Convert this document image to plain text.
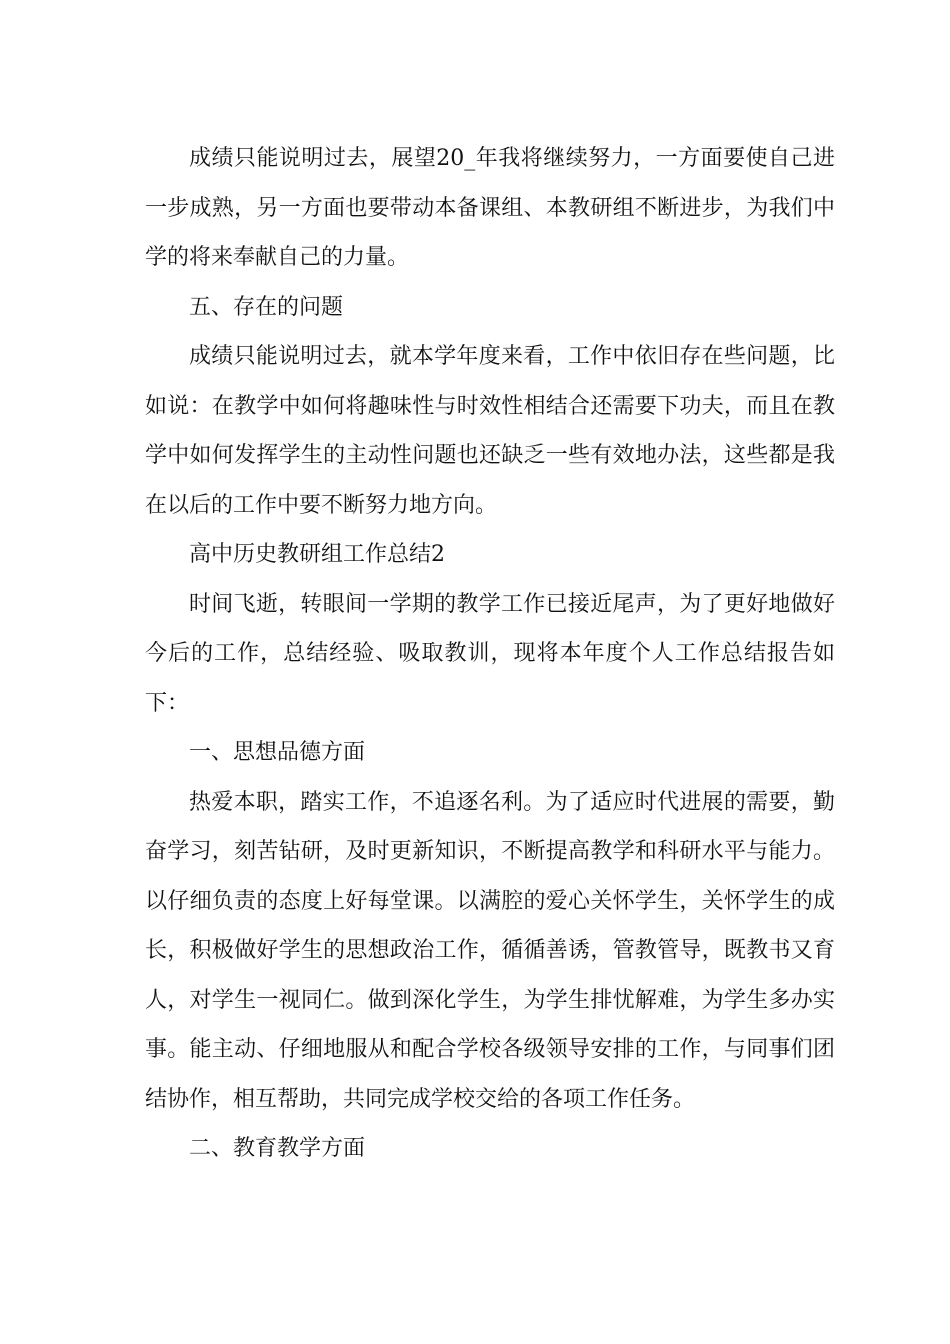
成绩只能说明过去，展望20_年我将继续努力，一方面要使自己进一步成熟，另一方面也要带动本备课组、本教研组不断进步，为我们中学的将来奉献自己的力量。

五、存在的问题

成绩只能说明过去，就本学年度来看，工作中依旧存在些问题，比如说：在教学中如何将趣味性与时效性相结合还需要下功夫，而且在教学中如何发挥学生的主动性问题也还缺乏一些有效地办法，这些都是我在以后的工作中要不断努力地方向。

高中历史教研组工作总结2

时间飞逝，转眼间一学期的教学工作已接近尾声，为了更好地做好今后的工作，总结经验、吸取教训，现将本年度个人工作总结报告如下：

一、思想品德方面

热爱本职，踏实工作，不追逐名利。为了适应时代进展的需要，勤奋学习，刻苦钻研，及时更新知识，不断提高教学和科研水平与能力。以仔细负责的态度上好每堂课。以满腔的爱心关怀学生，关怀学生的成长，积极做好学生的思想政治工作，循循善诱，管教管导，既教书又育人，对学生一视同仁。做到深化学生，为学生排忧解难，为学生多办实事。能主动、仔细地服从和配合学校各级领导安排的工作，与同事们团结协作，相互帮助，共同完成学校交给的各项工作任务。

二、教育教学方面
